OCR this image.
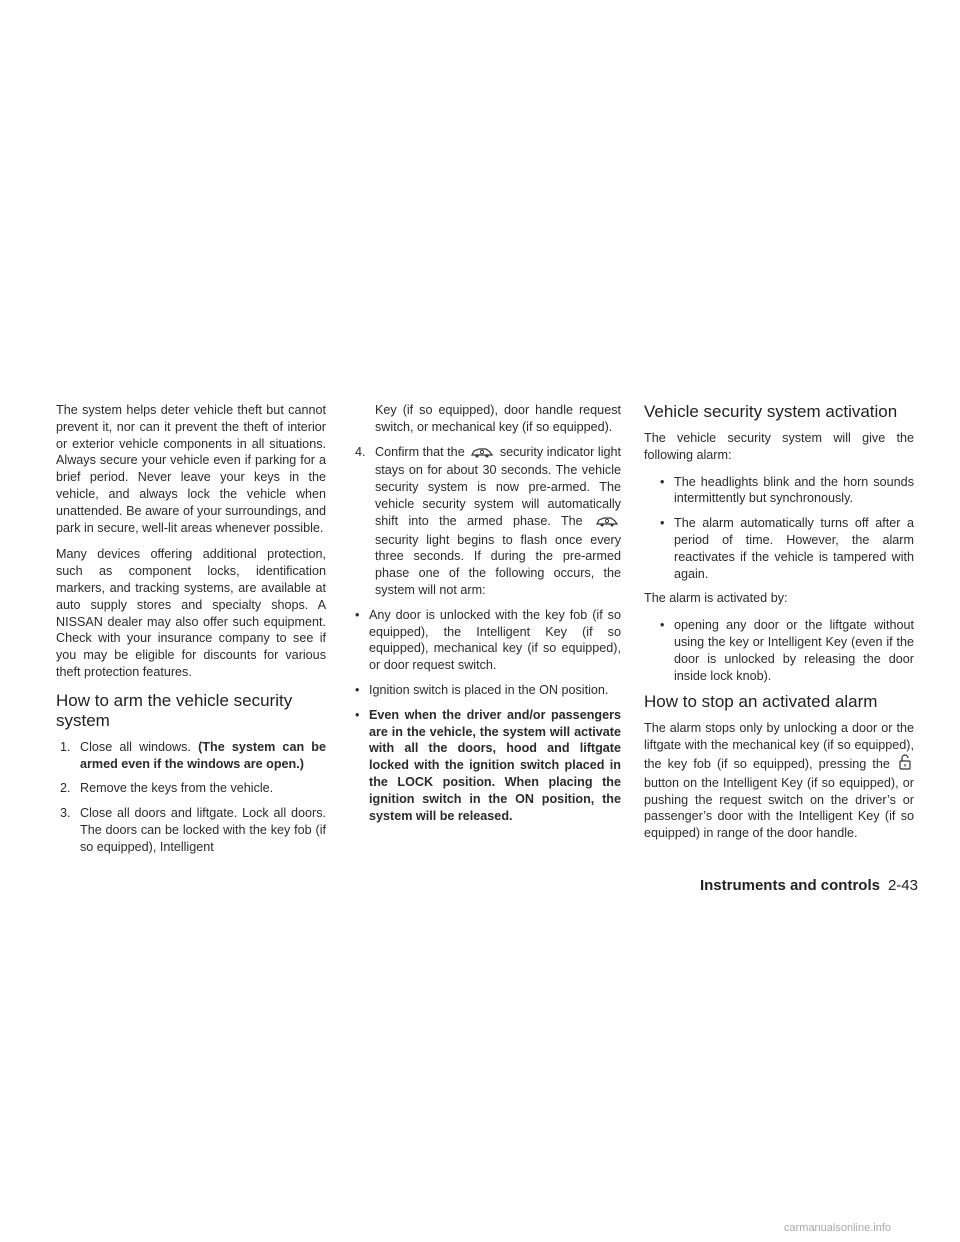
The system helps deter vehicle theft but cannot prevent it, nor can it prevent the theft of interior or exterior vehicle components in all situations. Always secure your vehicle even if parking for a brief period. Never leave your keys in the vehicle, and always lock the vehicle when unattended. Be aware of your surroundings, and park in secure, well-lit areas whenever possible.

Many devices offering additional protection, such as component locks, identification markers, and tracking systems, are available at auto supply stores and specialty shops. A NISSAN dealer may also offer such equipment. Check with your insurance company to see if you may be eligible for discounts for various theft protection features.

How to arm the vehicle security system
1. Close all windows. (The system can be armed even if the windows are open.)
2. Remove the keys from the vehicle.
3. Close all doors and liftgate. Lock all doors. The doors can be locked with the key fob (if so equipped), Intelligent
Key (if so equipped), door handle request switch, or mechanical key (if so equipped).
4. Confirm that the	security indicator light stays on for about 30 seconds. The vehicle security system is now pre-armed. The vehicle security system will automatically shift into the armed phase. The  security light begins to flash once every three seconds. If during the pre-armed phase one of the following occurs, the system will not arm:
• Any door is unlocked with the key fob (if so equipped), the Intelligent Key (if so equipped), mechanical key (if so equipped), or door request switch.
• Ignition switch is placed in the ON position.
• Even when the driver and/or passengers are in the vehicle, the system will activate with all the doors, hood and liftgate locked with the ignition switch placed in the LOCK position. When placing the ignition switch in the ON position, the system will be released.
Vehicle security system activation

The vehicle security system will give the following alarm:

• The headlights blink and the horn sounds intermittently but synchronously.
• The alarm automatically turns off after a period of time. However, the alarm reactivates if the vehicle is tampered with again.

The alarm is activated by:

• opening any door or the liftgate without using the key or Intelligent Key (even if the door is unlocked by releasing the door inside lock knob).
How to stop an activated alarm

The alarm stops only by unlocking a door or the liftgate with the mechanical key (if so equipped), the key fob (if so equipped), pressing the  button on the Intelligent Key (if so equipped), or pushing the request switch on the driver’s or passenger’s door with the Intelligent Key (if so equipped) in range of the door handle.

Instruments and controls 2-43
carmanualsonline.info
